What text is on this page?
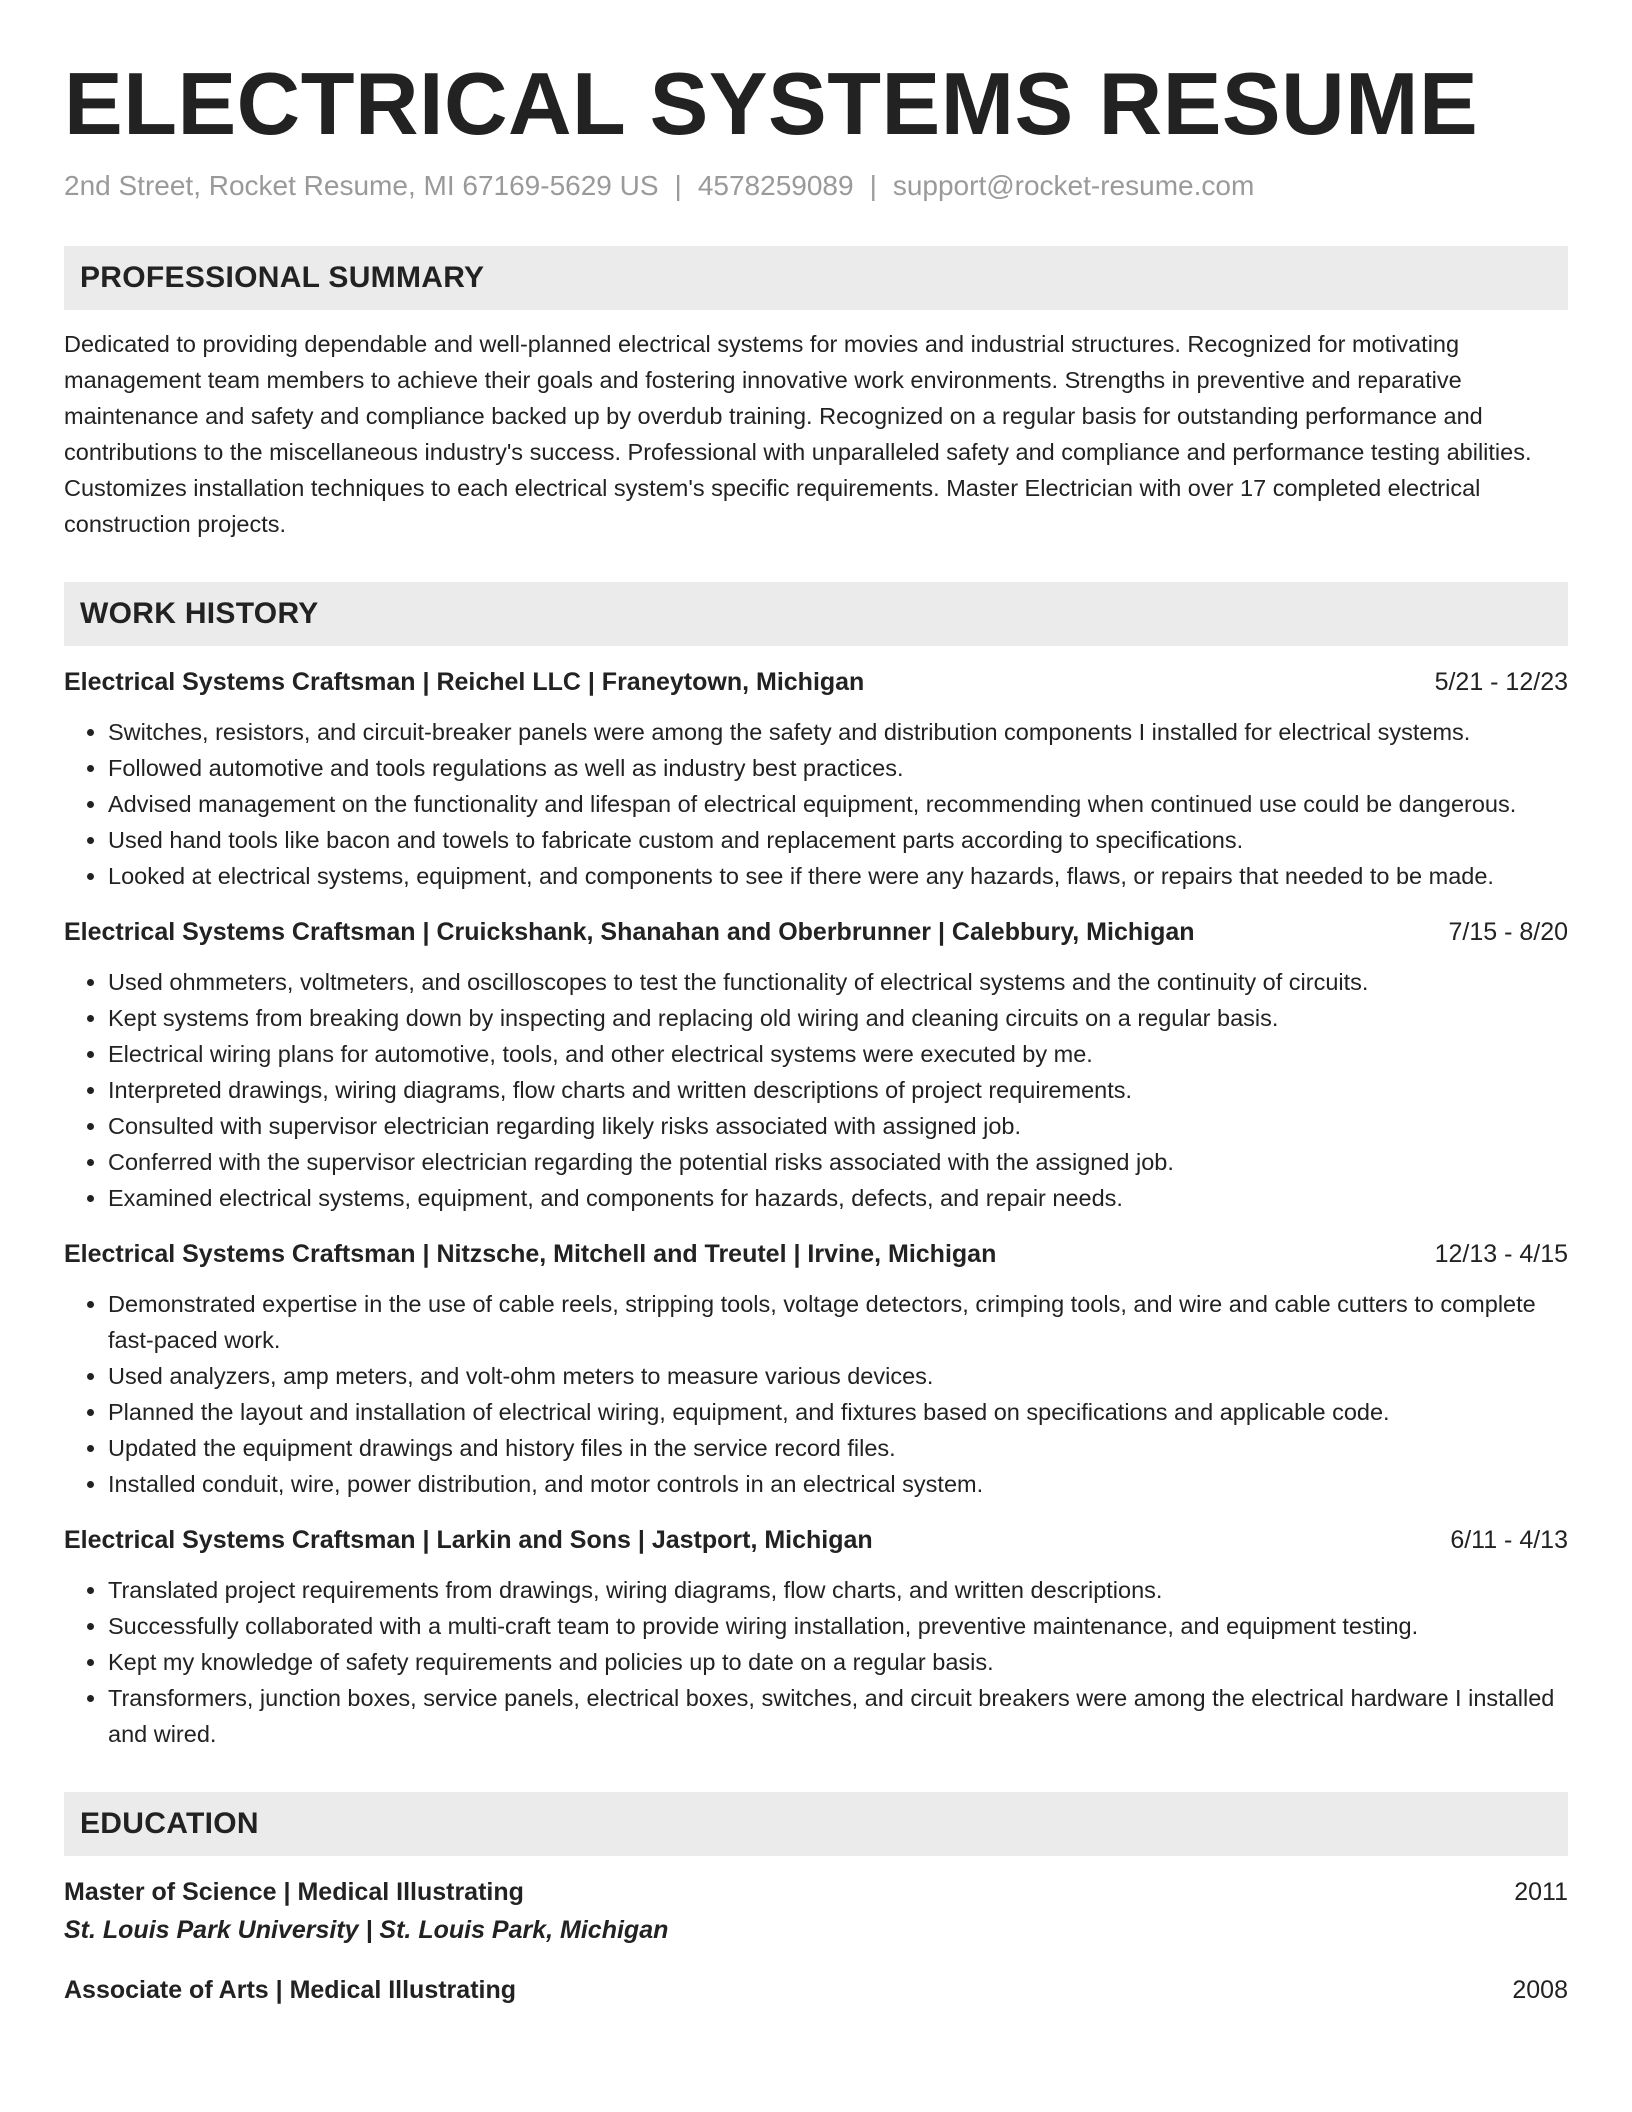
ELECTRICAL SYSTEMS RESUME
2nd Street, Rocket Resume, MI 67169-5629 US | 4578259089 | support@rocket-resume.com
PROFESSIONAL SUMMARY
Dedicated to providing dependable and well-planned electrical systems for movies and industrial structures. Recognized for motivating management team members to achieve their goals and fostering innovative work environments. Strengths in preventive and reparative maintenance and safety and compliance backed up by overdub training. Recognized on a regular basis for outstanding performance and contributions to the miscellaneous industry's success. Professional with unparalleled safety and compliance and performance testing abilities. Customizes installation techniques to each electrical system's specific requirements. Master Electrician with over 17 completed electrical construction projects.
WORK HISTORY
Electrical Systems Craftsman | Reichel LLC | Franeytown, Michigan	5/21 - 12/23
• Switches, resistors, and circuit-breaker panels were among the safety and distribution components I installed for electrical systems.
• Followed automotive and tools regulations as well as industry best practices.
• Advised management on the functionality and lifespan of electrical equipment, recommending when continued use could be dangerous.
• Used hand tools like bacon and towels to fabricate custom and replacement parts according to specifications.
• Looked at electrical systems, equipment, and components to see if there were any hazards, flaws, or repairs that needed to be made.
Electrical Systems Craftsman | Cruickshank, Shanahan and Oberbrunner | Calebbury, Michigan	7/15 - 8/20
• Used ohmmeters, voltmeters, and oscilloscopes to test the functionality of electrical systems and the continuity of circuits.
• Kept systems from breaking down by inspecting and replacing old wiring and cleaning circuits on a regular basis.
• Electrical wiring plans for automotive, tools, and other electrical systems were executed by me.
• Interpreted drawings, wiring diagrams, flow charts and written descriptions of project requirements.
• Consulted with supervisor electrician regarding likely risks associated with assigned job.
• Conferred with the supervisor electrician regarding the potential risks associated with the assigned job.
• Examined electrical systems, equipment, and components for hazards, defects, and repair needs.
Electrical Systems Craftsman | Nitzsche, Mitchell and Treutel | Irvine, Michigan	12/13 - 4/15
• Demonstrated expertise in the use of cable reels, stripping tools, voltage detectors, crimping tools, and wire and cable cutters to complete fast-paced work.
• Used analyzers, amp meters, and volt-ohm meters to measure various devices.
• Planned the layout and installation of electrical wiring, equipment, and fixtures based on specifications and applicable code.
• Updated the equipment drawings and history files in the service record files.
• Installed conduit, wire, power distribution, and motor controls in an electrical system.
Electrical Systems Craftsman | Larkin and Sons | Jastport, Michigan	6/11 - 4/13
• Translated project requirements from drawings, wiring diagrams, flow charts, and written descriptions.
• Successfully collaborated with a multi-craft team to provide wiring installation, preventive maintenance, and equipment testing.
• Kept my knowledge of safety requirements and policies up to date on a regular basis.
• Transformers, junction boxes, service panels, electrical boxes, switches, and circuit breakers were among the electrical hardware I installed and wired.
EDUCATION
Master of Science | Medical Illustrating	2011
St. Louis Park University | St. Louis Park, Michigan
Associate of Arts | Medical Illustrating	2008
